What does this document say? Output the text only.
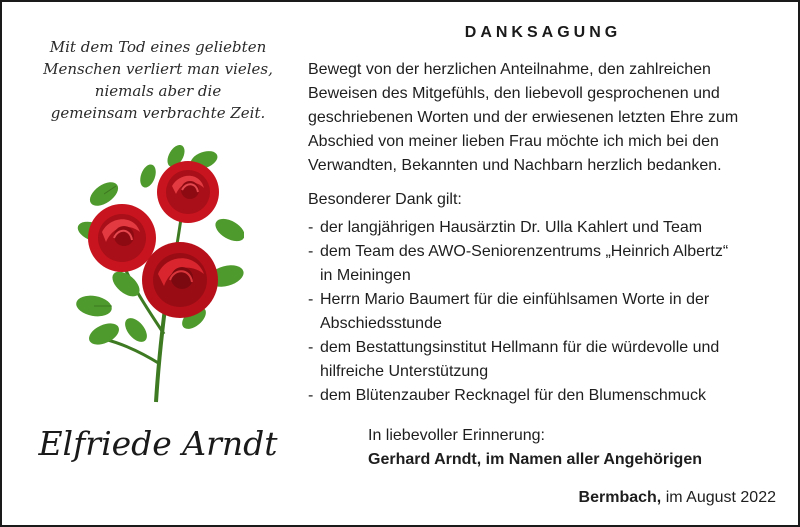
Mit dem Tod eines geliebten
Menschen verliert man vieles,
niemals aber die
gemeinsam verbrachte Zeit.
Elfriede Arndt
DANKSAGUNG
Bewegt von der herzlichen Anteilnahme, den zahlreichen
Beweisen des Mitgefühls, den liebevoll gesprochenen und
geschriebenen Worten und der erwiesenen letzten Ehre zum
Abschied von meiner lieben Frau möchte ich mich bei den
Verwandten, Bekannten und Nachbarn herzlich bedanken.
Besonderer Dank gilt:
- der langjährigen Hausärztin Dr. Ulla Kahlert und Team
- dem Team des AWO-Seniorenzentrums „Heinrich Albertz“
in Meiningen
- Herrn Mario Baumert für die einfühlsamen Worte in der
Abschiedsstunde
- dem Bestattungsinstitut Hellmann für die würdevolle und
hilfreiche Unterstützung
- dem Blütenzauber Recknagel für den Blumenschmuck
In liebevoller Erinnerung:
Gerhard Arndt, im Namen aller Angehörigen
Bermbach, im August 2022
